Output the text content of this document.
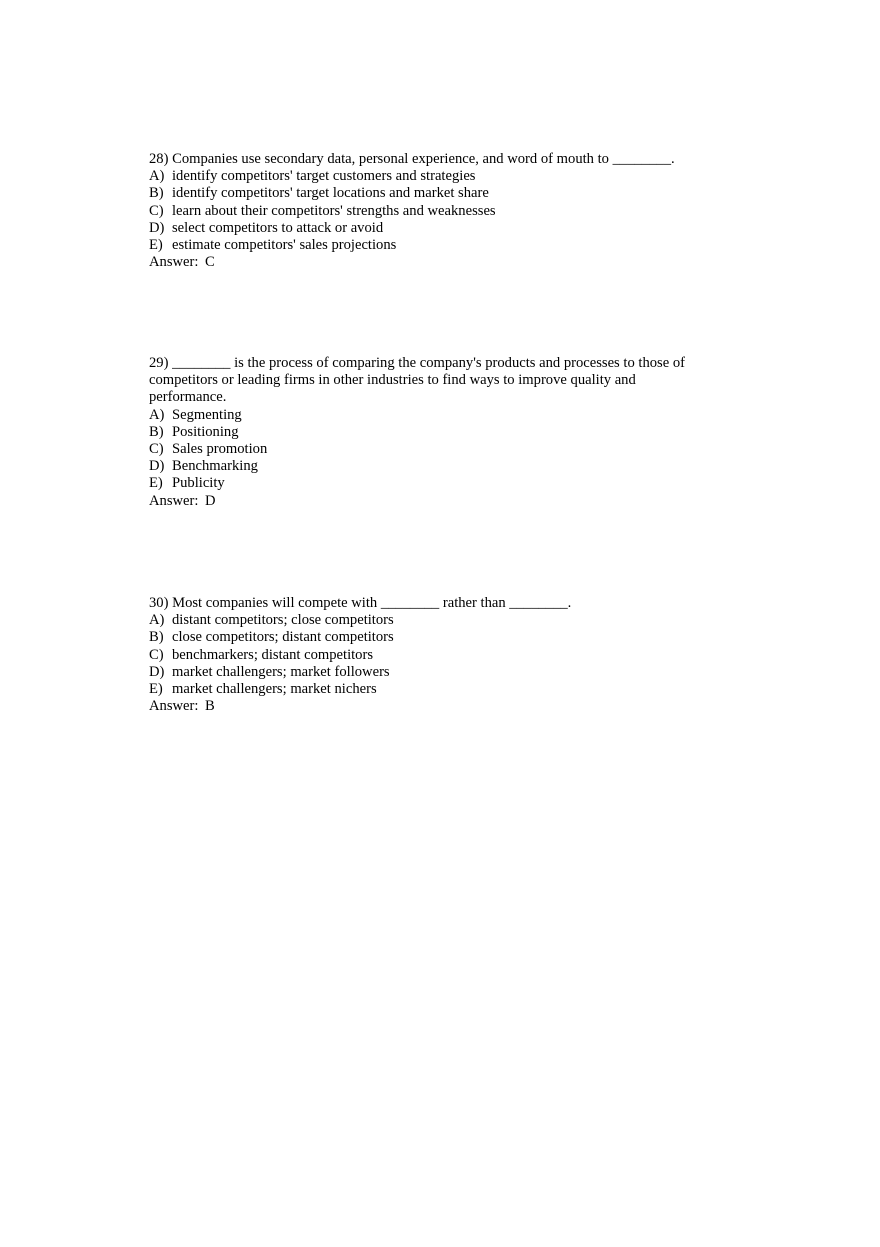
28) Companies use secondary data, personal experience, and word of mouth to ________.
A) identify competitors' target customers and strategies
B) identify competitors' target locations and market share
C) learn about their competitors' strengths and weaknesses
D) select competitors to attack or avoid
E) estimate competitors' sales projections
Answer: C
29) ________ is the process of comparing the company's products and processes to those of competitors or leading firms in other industries to find ways to improve quality and performance.
A) Segmenting
B) Positioning
C) Sales promotion
D) Benchmarking
E) Publicity
Answer: D
30) Most companies will compete with ________ rather than ________.
A) distant competitors; close competitors
B) close competitors; distant competitors
C) benchmarkers; distant competitors
D) market challengers; market followers
E) market challengers; market nichers
Answer: B
